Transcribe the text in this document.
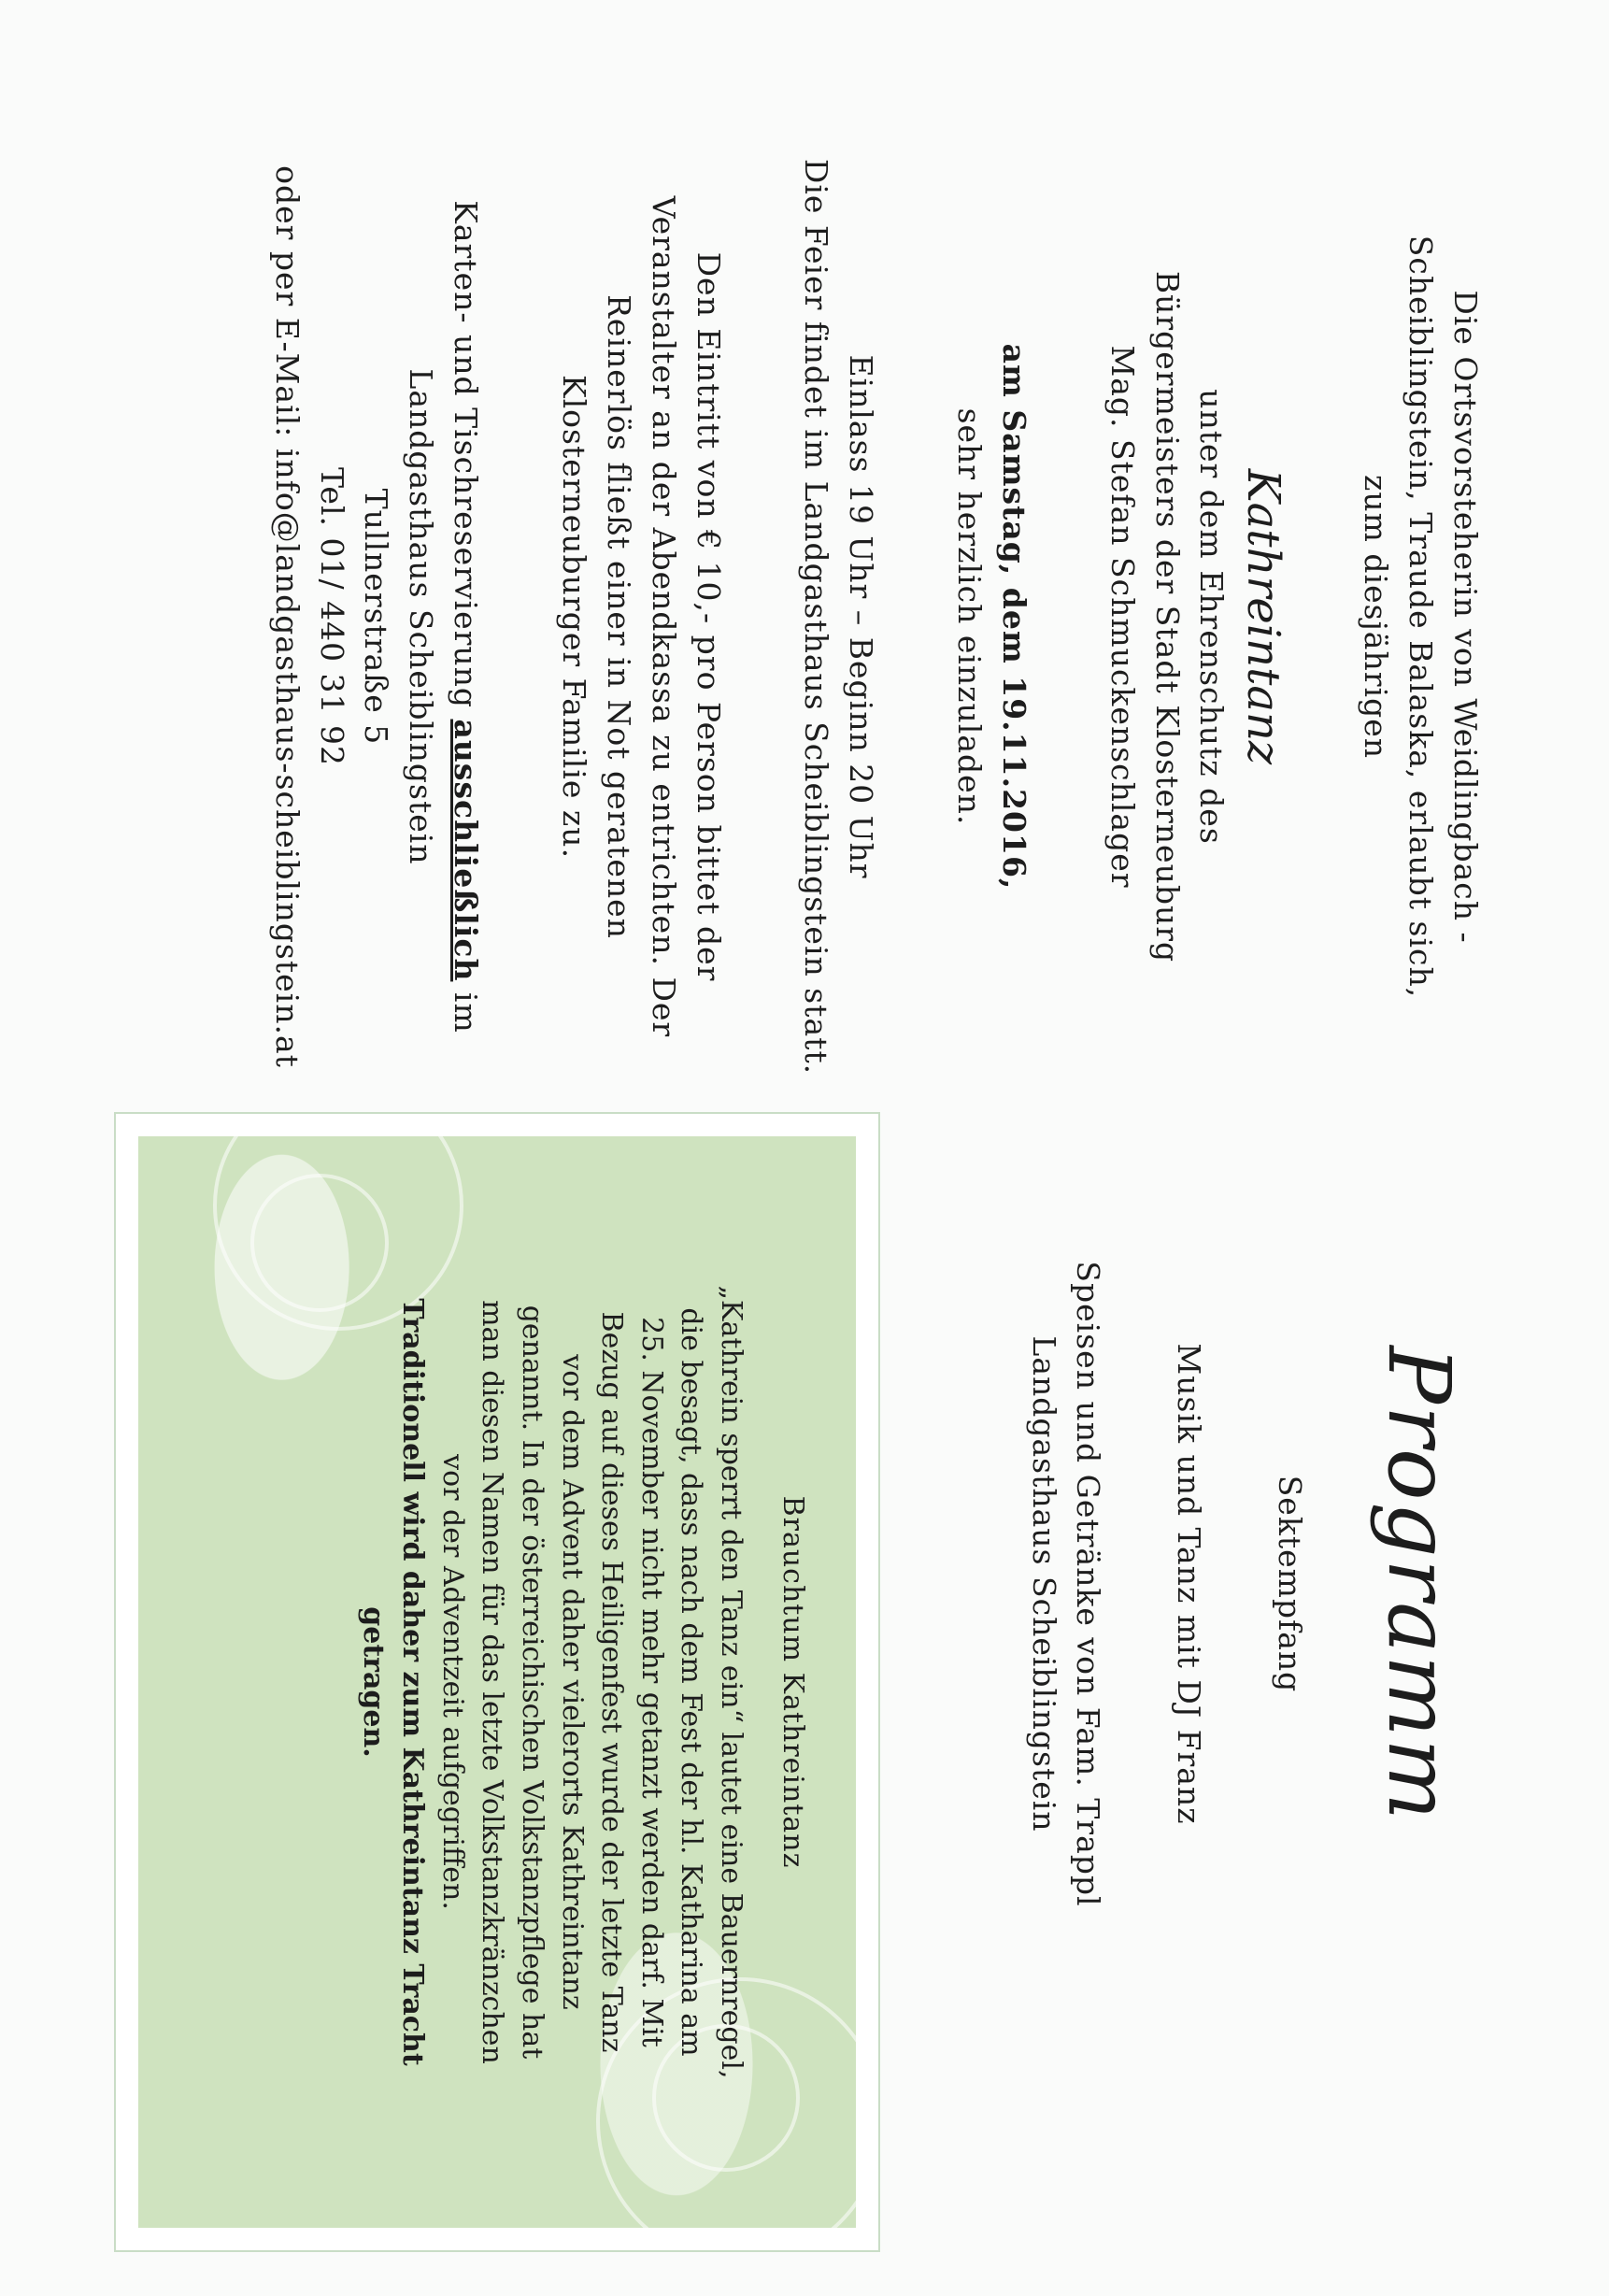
Programm
Sektempfang
Musik und Tanz mit DJ Franz
Speisen und Getränke von Fam. Trappl
Landgasthaus Scheiblingstein
Brauchtum Kathreintanz
„Kathrein sperrt den Tanz ein“ lautet eine Bauernregel,
die besagt, dass nach dem Fest der hl. Katharina am
25. November nicht mehr getanzt werden darf. Mit
Bezug auf dieses Heiligenfest wurde der letzte Tanz
vor dem Advent daher vielerorts Kathreintanz
genannt. In der österreichischen Volkstanzpflege hat
man diesen Namen für das letzte Volkstanzkränzchen
vor der Adventzeit aufgegriffen.
Traditionell wird daher zum Kathreintanz Tracht
getragen.
Die Ortsvorsteherin von Weidlingbach -
Scheiblingstein, Traude Balaska, erlaubt sich,
zum diesjährigen
Kathreintanz
unter dem Ehrenschutz des
Bürgermeisters der Stadt Klosterneuburg
Mag. Stefan Schmuckenschlager
am Samstag, dem 19.11.2016,
sehr herzlich einzuladen.
Einlass 19 Uhr – Beginn 20 Uhr
Die Feier findet im Landgasthaus Scheiblingstein statt.
Den Eintritt von € 10,- pro Person bittet der
Veranstalter an der Abendkassa zu entrichten. Der
Reinerlös fließt einer in Not geratenen
Klosterneuburger Familie zu.
Karten- und Tischreservierung ausschließlich im
Landgasthaus Scheiblingstein
Tullnerstraße 5
Tel. 01/ 440 31 92
oder per E-Mail: info@landgasthaus-scheiblingstein.at
